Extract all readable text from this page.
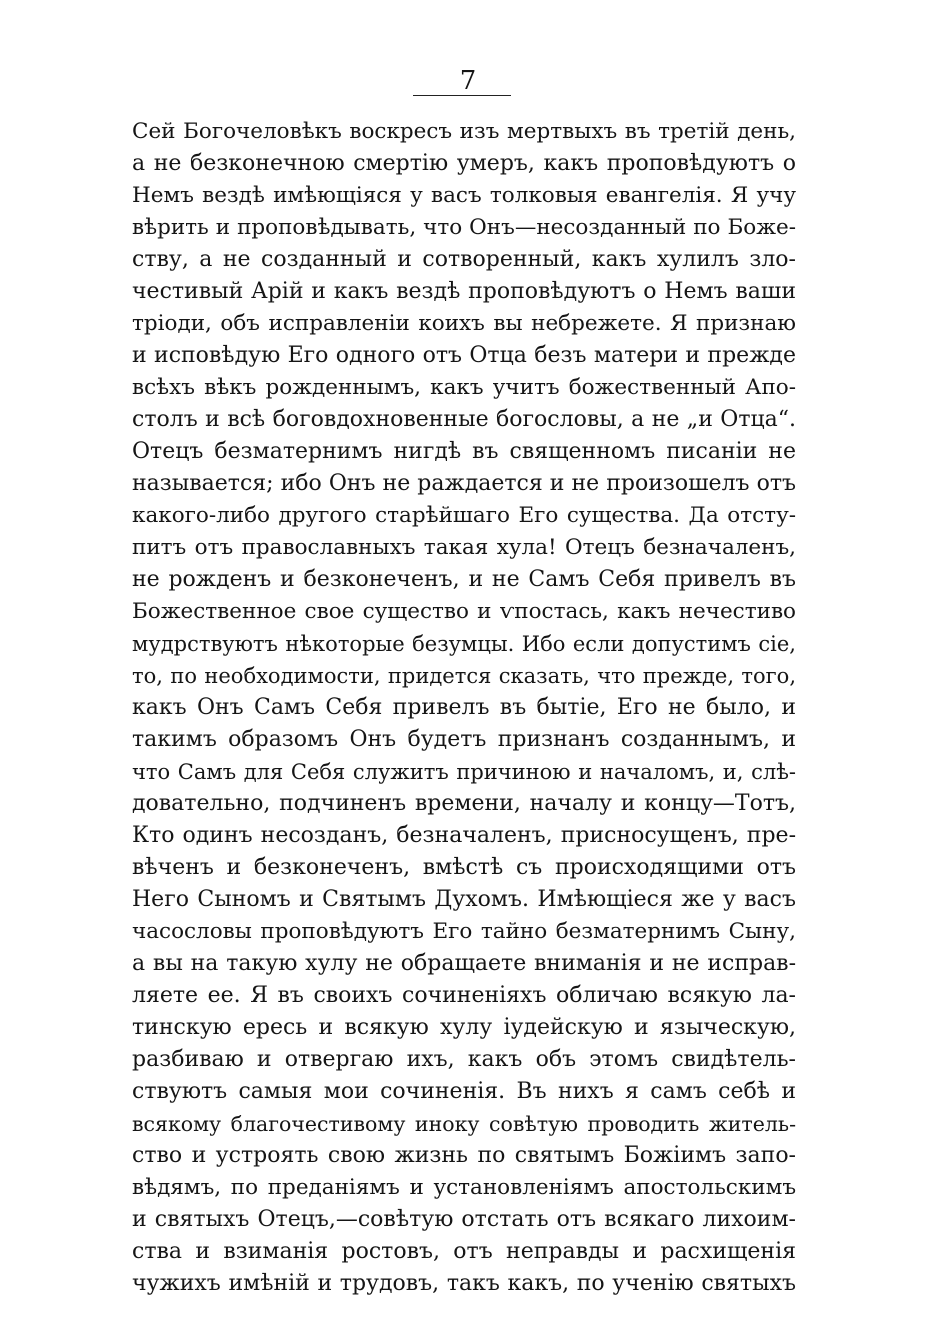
7
Сей Богочеловѣкъ воскресъ изъ мертвыхъ въ третій день,
а не безконечною смертію умеръ, какъ проповѣдуютъ о
Немъ вездѣ имѣющіяся у васъ толковыя евангелія. Я учу
вѣрить и проповѣдывать, что Онъ—несозданный по Боже-
ству, а не созданный и сотворенный, какъ хулилъ зло-
честивый Арій и какъ вездѣ проповѣдуютъ о Немъ ваши
тріоди, объ исправленіи коихъ вы небрежете. Я признаю
и исповѣдую Его одного отъ Отца безъ матери и прежде
всѣхъ вѣкъ рожденнымъ, какъ учитъ божественный Апо-
столъ и всѣ боговдохновенные богословы, а не „и Отца“.
Отецъ безматернимъ нигдѣ въ священномъ писаніи не
называется; ибо Онъ не раждается и не произошелъ отъ
какого-либо другого старѣйшаго Его существа. Да отсту-
питъ отъ православныхъ такая хула! Отецъ безначаленъ,
не рожденъ и безконеченъ, и не Самъ Себя привелъ въ
Божественное свое существо и ѵпостась, какъ нечестиво
мудрствуютъ нѣкоторые безумцы. Ибо если допустимъ сіе,
то, по необходимости, придется сказать, что прежде, того,
какъ Онъ Самъ Себя привелъ въ бытіе, Его не было, и
такимъ образомъ Онъ будетъ признанъ созданнымъ, и
что Самъ для Себя служитъ причиною и началомъ, и, слѣ-
довательно, подчиненъ времени, началу и концу—Тотъ,
Кто одинъ несозданъ, безначаленъ, присносущенъ, пре-
вѣченъ и безконеченъ, вмѣстѣ съ происходящими отъ
Него Сыномъ и Святымъ Духомъ. Имѣющіеся же у васъ
часословы проповѣдуютъ Его тайно безматернимъ Сыну,
а вы на такую хулу не обращаете вниманія и не исправ-
ляете ее. Я въ своихъ сочиненіяхъ обличаю всякую ла-
тинскую ересь и всякую хулу іудейскую и языческую,
разбиваю и отвергаю ихъ, какъ объ этомъ свидѣтель-
ствуютъ самыя мои сочиненія. Въ нихъ я самъ себѣ и
всякому благочестивому иноку совѣтую проводить житель-
ство и устроять свою жизнь по святымъ Божіимъ запо-
вѣдямъ, по преданіямъ и установленіямъ апостольскимъ
и святыхъ Отецъ,—совѣтую отстать отъ всякаго лихоим-
ства и взиманія ростовъ, отъ неправды и расхищенія
чужихъ имѣній и трудовъ, такъ какъ, по ученію святыхъ
